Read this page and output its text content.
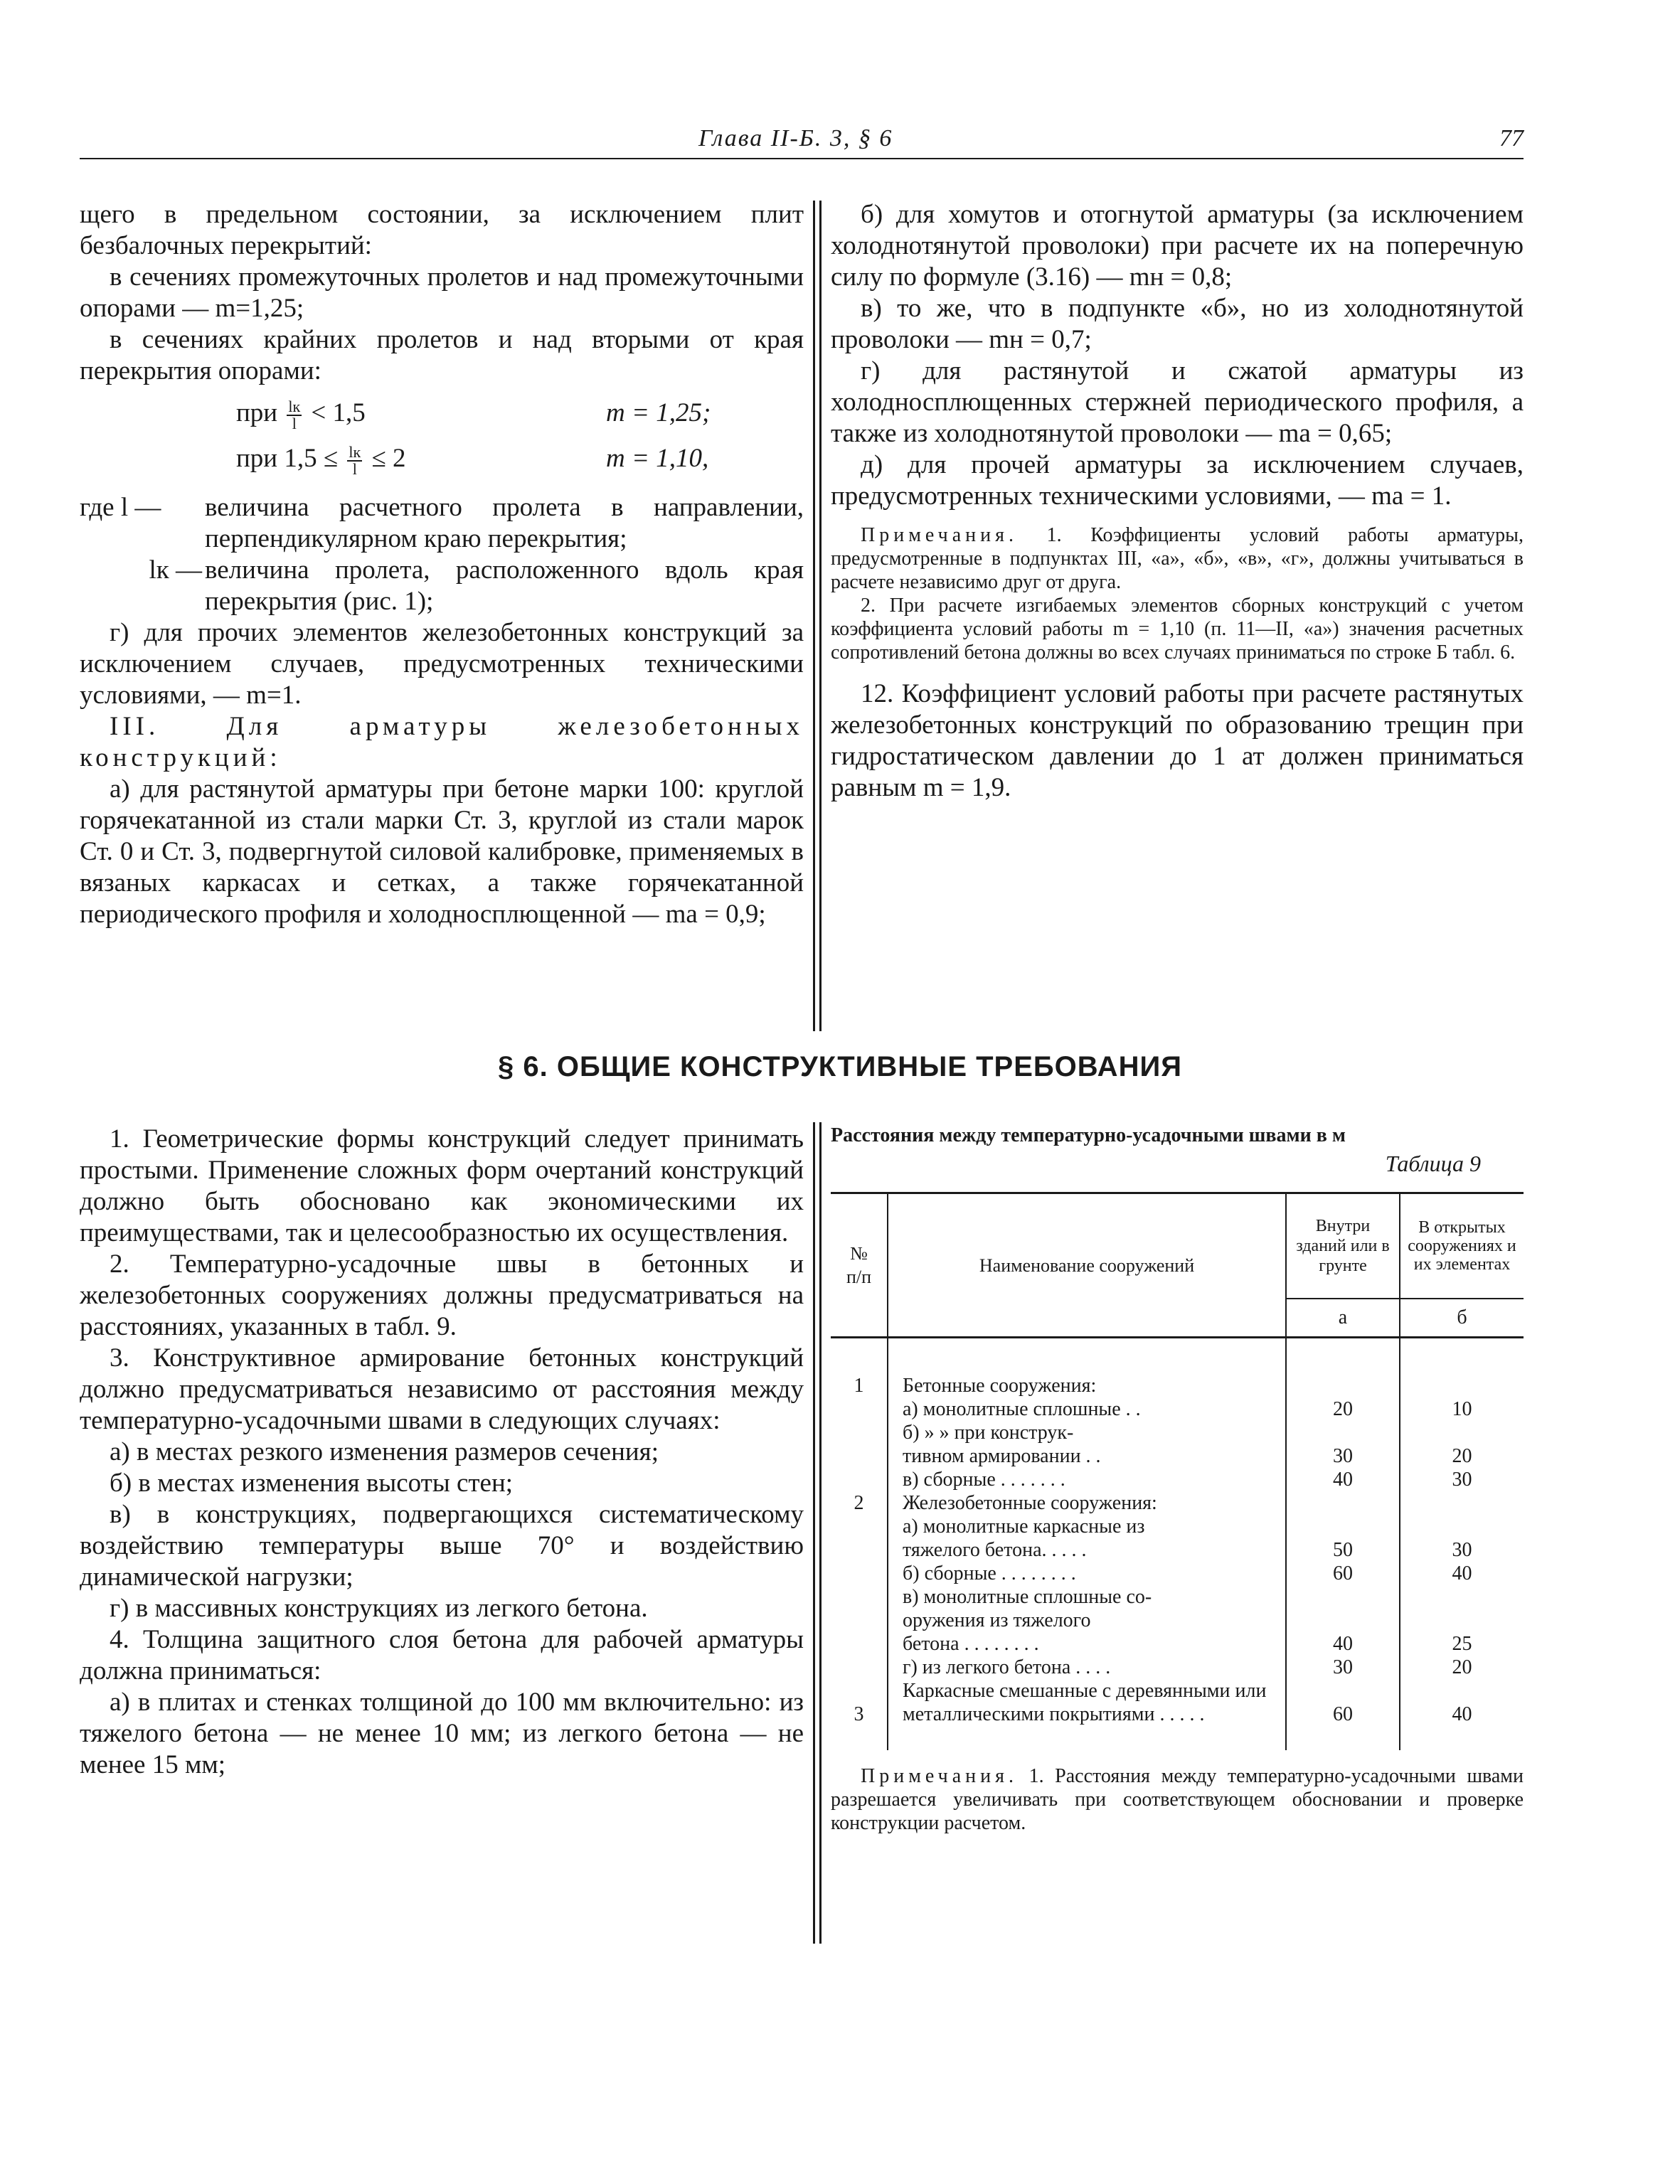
Глава II-Б. 3, § 6	77

щего в предельном состоянии, за исключением плит безбалочных перекрытий:

в сечениях промежуточных пролетов и над промежуточными опорами — m=1,25;

в сечениях крайних пролетов и над вторыми от края перекрытия опорами:

при $\frac{lк}{l} < 1,5$	m = 1,25;
при $1,5 \le \frac{lк}{l} \le 2$	m = 1,10,
где l —	величина расчетного пролета в направлении, перпендикулярном краю перекрытия;
lк — величина пролета, расположенного вдоль края перекрытия (рис. 1);

г) для прочих элементов железобетонных конструкций за исключением случаев, предусмотренных техническими условиями, — m=1.

III. Для арматуры железобетонных конструкций:

а) для растянутой арматуры при бетоне марки 100: круглой горячекатанной из стали марки Ст. 3, круглой из стали марок Ст. 0 и Ст. 3, подвергнутой силовой калибровке, применяемых в вязаных каркасах и сетках, а также горячекатанной периодического профиля и холодносплющенной — mа = 0,9;

б) для хомутов и отогнутой арматуры (за исключением холоднотянутой проволоки) при расчете их на поперечную силу по формуле (3.16) — mн = 0,8;

в) то же, что в подпункте «б», но из холоднотянутой проволоки — mн = 0,7;

г) для растянутой и сжатой арматуры из холодносплющенных стержней периодического профиля, а также из холоднотянутой проволоки — mа = 0,65;

д) для прочей арматуры за исключением случаев, предусмотренных техническими условиями, — mа = 1.

Примечания. 1. Коэффициенты условий работы арматуры, предусмотренные в подпунктах III, «а», «б», «в», «г», должны учитываться в расчете независимо друг от друга.

2. При расчете изгибаемых элементов сборных конструкций с учетом коэффициента условий работы m = 1,10 (п. 11—II, «а») значения расчетных сопротивлений бетона должны во всех случаях приниматься по строке Б табл. 6.

12. Коэффициент условий работы при расчете растянутых железобетонных конструкций по образованию трещин при гидростатическом давлении до 1 ат должен приниматься равным m = 1,9.

§ 6. ОБЩИЕ КОНСТРУКТИВНЫЕ ТРЕБОВАНИЯ

1. Геометрические формы конструкций следует принимать простыми. Применение сложных форм очертаний конструкций должно быть обосновано как экономическими их преимуществами, так и целесообразностью их осуществления.

2. Температурно-усадочные швы в бетонных и железобетонных сооружениях должны предусматриваться на расстояниях, указанных в табл. 9.

3. Конструктивное армирование бетонных конструкций должно предусматриваться независимо от расстояния между температурно-усадочными швами в следующих случаях:

а) в местах резкого изменения размеров сечения;

б) в местах изменения высоты стен;

в) в конструкциях, подвергающихся систематическому воздействию температуры выше 70° и воздействию динамической нагрузки;

г) в массивных конструкциях из легкого бетона.

4. Толщина защитного слоя бетона для рабочей арматуры должна приниматься:

а) в плитах и стенках толщиной до 100 мм включительно: из тяжелого бетона — не менее 10 мм; из легкого бетона — не менее 15 мм;

Расстояния между температурно-усадочными швами в м
Таблица 9
№ п/п	Наименование сооружений	Внутри зданий или в грунте	В открытых сооружениях и их элементах
		а	б
1	Бетонные сооружения:		
	а) монолитные сплошные . .	20	10
	б) » » при конструк-		
	тивном армировании . .	30	20
	в) сборные . . . . . . .	40	30
2	Железобетонные сооружения:		
	а) монолитные каркасные из		
	тяжелого бетона. . . . .	50	30
	б) сборные . . . . . . . .	60	40
	в) монолитные сплошные со-		
	оружения из тяжелого		
	бетона . . . . . . . .	40	25
	г) из легкого бетона . . . .	30	20
3	Каркасные смешанные с деревянными или металлическими покрытиями . . . . .	60	40

Примечания. 1. Расстояния между температурно-усадочными швами разрешается увеличивать при соответствующем обосновании и проверке конструкции расчетом.
